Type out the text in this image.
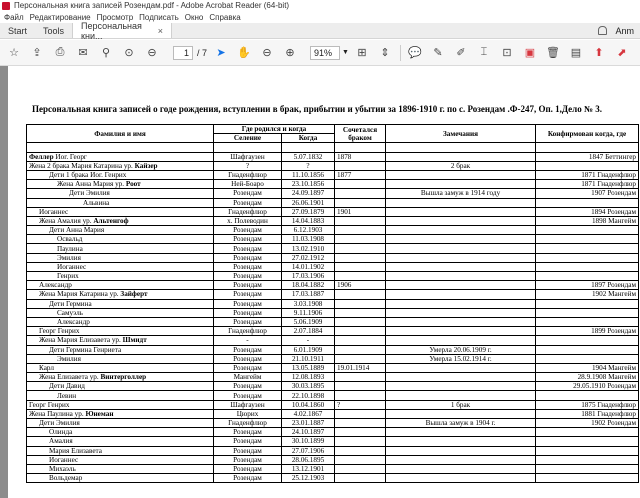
Персональная книга записей Розендам.pdf - Adobe Acrobat Reader (64-bit)
Файл Редактирование Просмотр Подписать Окно Справка
Start	Tools	Персональная кни...	×	Anm
☆	⇪	⎙	✉	⚲	⊙	⊖	1 / 7 ➤	✋	⊖	⊕	91%	▼ ⊞	⇕	💬	✎	✐	⌶	⊡	▣ 🗑 ▤	⬆	⬈
Персональная книга записей о годе рождения, вступлении в брак, прибытии и убытии за 1896-1910 г. по с. Розендам .Ф-247, Оп. 1,Дело № 3.
Фамилия и имя	Где родился и когда		Сочетался браком	Замечания	Конфирмован когда, где
	Селение	Когда			

Феллер Иог. Георг	Шафгаузен	5.07.1832	1878		1847 Беттингер
Жена 2 брака Мария Катарина ур. Кайзер	?	?		2 брак	
Дети 1 брака Иог. Генрих	Гнаденфлюр	11.10.1856	1877		1871 Гнаденфлюр
Жена Анна Мария ур. Роот	Ней-Боаро	23.10.1856			1871 Гнаденфлюр
Дети Эмилия	Розендам	24.09.1897		Вышла замуж в 1914 году	1907 Розендам
Альвина	Розендам	26.06.1901			
Иоганнес	Гнаденфлюр	27.09.1879	1901		1894 Розендам
Жена Амалия ур. Альтенгоф	х. Полеводин	14.04.1883			1898 Мангейм
Дети Анна Мария	Розендам	6.12.1903			
Освальд	Розендам	11.03.1908			
Паулина	Розендам	13.02.1910			
Эмилия	Розендам	27.02.1912			
Иоганнес	Розендам	14.01.1902			
Генрих	Розендам	17.03.1906			
Александр	Розендам	18.04.1882	1906		1897 Розендам
Жена Мария Катарина ур. Зайферт	Розендам	17.03.1887			1902 Мангейм
Дети Гермина	Розендам	3.03.1908			
Самуэль	Розендам	9.11.1906			
Александр	Розендам	5.06.1909			
Георг Генрих	Гнаденфлюр	2.07.1884			1899 Розендам
Жена Мария Елизавета ур. Шмидт	-	-			
Дети Гермина Генриета	Розендам	6.01.1909		Умерла 20.06.1909 г.	
Эмилия	Розендам	21.10.1911		Умерла 15.02.1914 г.	
Карл	Розендам	13.05.1889	19.01.1914		1904 Мангейм
Жена Елизавета ур. Винтерголлер	Мангейм	12.08.1893			28.9.1908 Мангейм
Дети Давид	Розендам	30.03.1895			29.05.1910 Розендам
Левин	Розендам	22.10.1898			
Георг Генрих	Шафгаузен	10.04.1860	?	1 брак	1875 Гнаденфлюр
Жена Паулина ур. Юнеман	Цюрих	4.02.1867			1881 Гнаденфлюр
Дети Эмилия	Гнаденфлюр	23.01.1887		Вышла замуж в 1904 г.	1902 Розендам
Олинда	Розендам	24.10.1897			
Амалия	Розендам	30.10.1899			
Мария Елизавета	Розендам	27.07.1906			
Иоганнес	Розендам	28.06.1895			
Михаэль	Розендам	13.12.1901			
Вольдемар	Розендам	25.12.1903			
